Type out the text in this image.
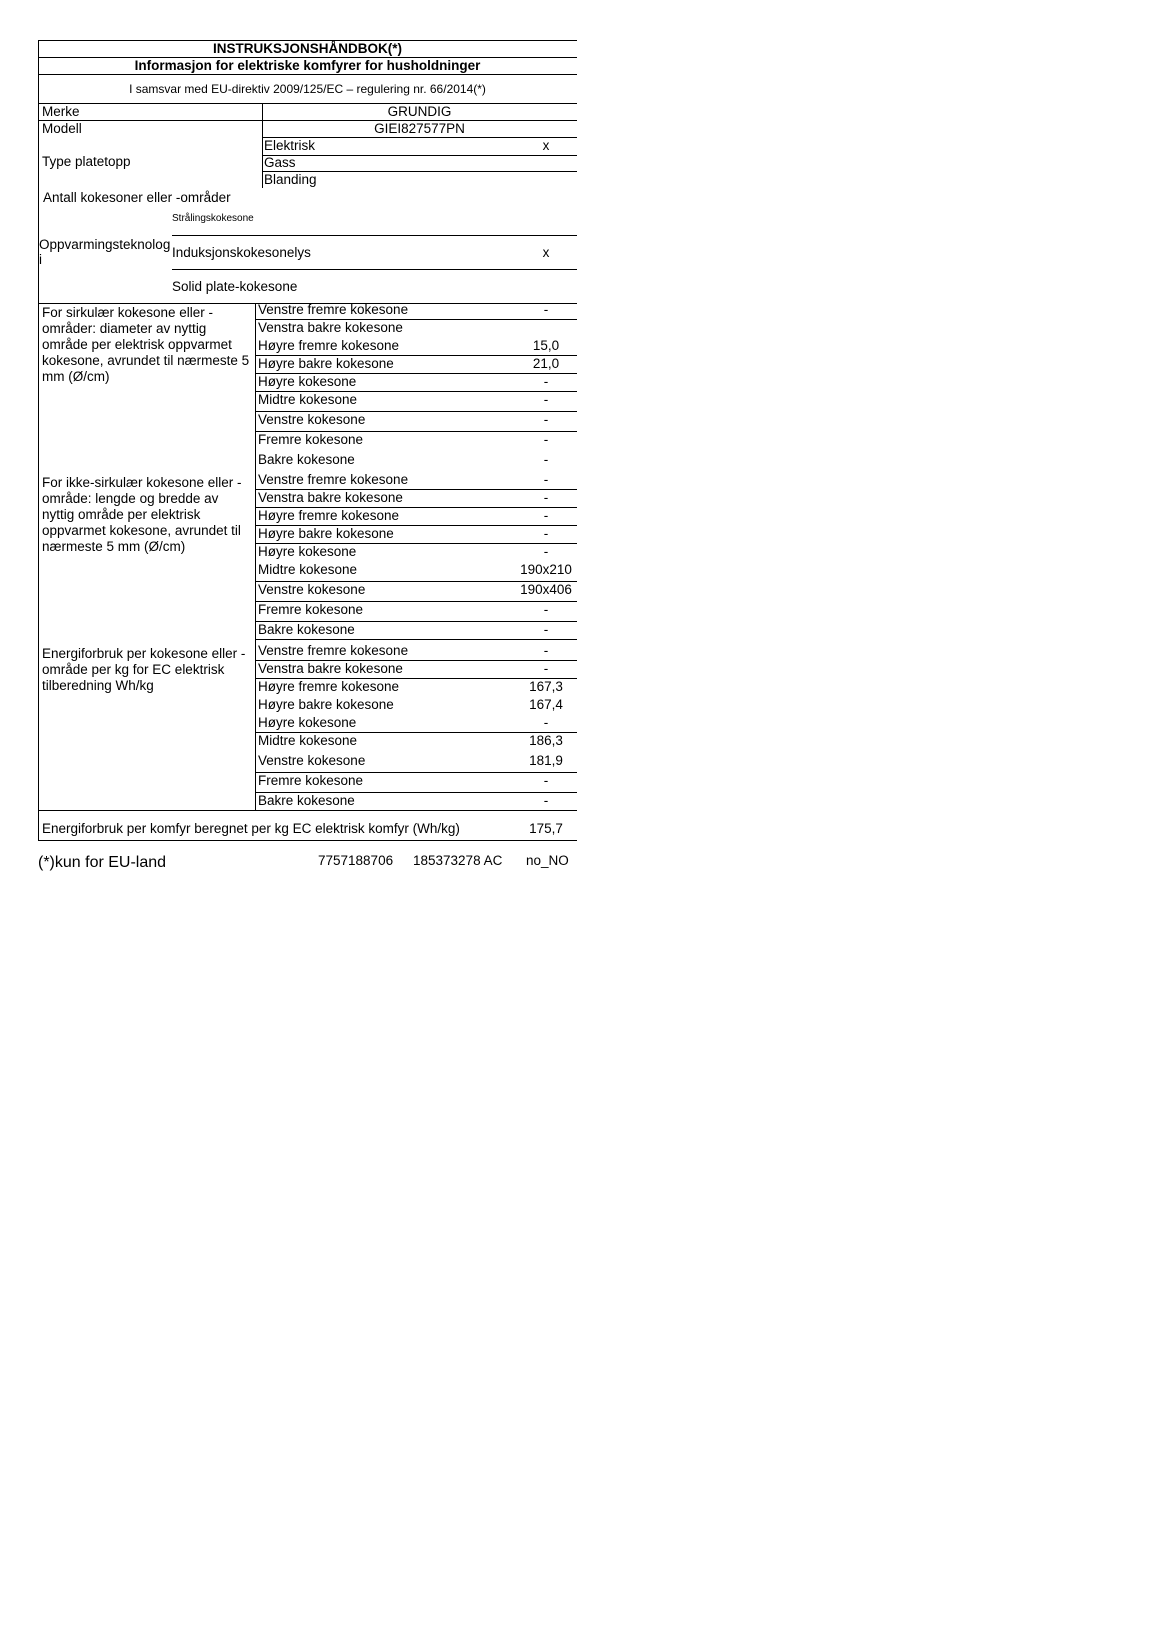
INSTRUKSJONSHÅNDBOK(*)
Informasjon for elektriske komfyrer for husholdninger
I samsvar med EU-direktiv 2009/125/EC – regulering nr. 66/2014(*)
Merke	GRUNDIG
Modell	GIEI827577PN
Type platetopp
Elektrisk	x
Gass
Blanding
Antall kokesoner eller -områder
Strålingskokesone
Oppvarmingsteknologi	Induksjonskokesonelys	x
Solid plate-kokesone
For sirkulær kokesone eller -områder: diameter av nyttig område per elektrisk oppvarmet kokesone, avrundet til nærmeste 5 mm (Ø/cm)
For ikke-sirkulær kokesone eller -område: lengde og bredde av nyttig område per elektrisk oppvarmet kokesone, avrundet til nærmeste 5 mm (Ø/cm)
Energiforbruk per kokesone eller -område per kg for EC elektrisk tilberedning Wh/kg
Venstre fremre kokesone	-
Venstra bakre kokesone
Høyre fremre kokesone	15,0
Høyre bakre kokesone	21,0
Høyre kokesone	-
Midtre kokesone	-
Venstre kokesone	-
Fremre kokesone	-
Bakre kokesone	-
Venstre fremre kokesone	-
Venstra bakre kokesone	-
Høyre fremre kokesone	-
Høyre bakre kokesone	-
Høyre kokesone	-
Midtre kokesone	190x210
Venstre kokesone	190x406
Fremre kokesone	-
Bakre kokesone	-
Venstre fremre kokesone	-
Venstra bakre kokesone	-
Høyre fremre kokesone	167,3
Høyre bakre kokesone	167,4
Høyre kokesone	-
Midtre kokesone	186,3
Venstre kokesone	181,9
Fremre kokesone	-
Bakre kokesone	-
Energiforbruk per komfyr beregnet per kg EC elektrisk komfyr (Wh/kg)	175,7
(*)kun for EU-land	7757188706 185373278 AC no_NO
